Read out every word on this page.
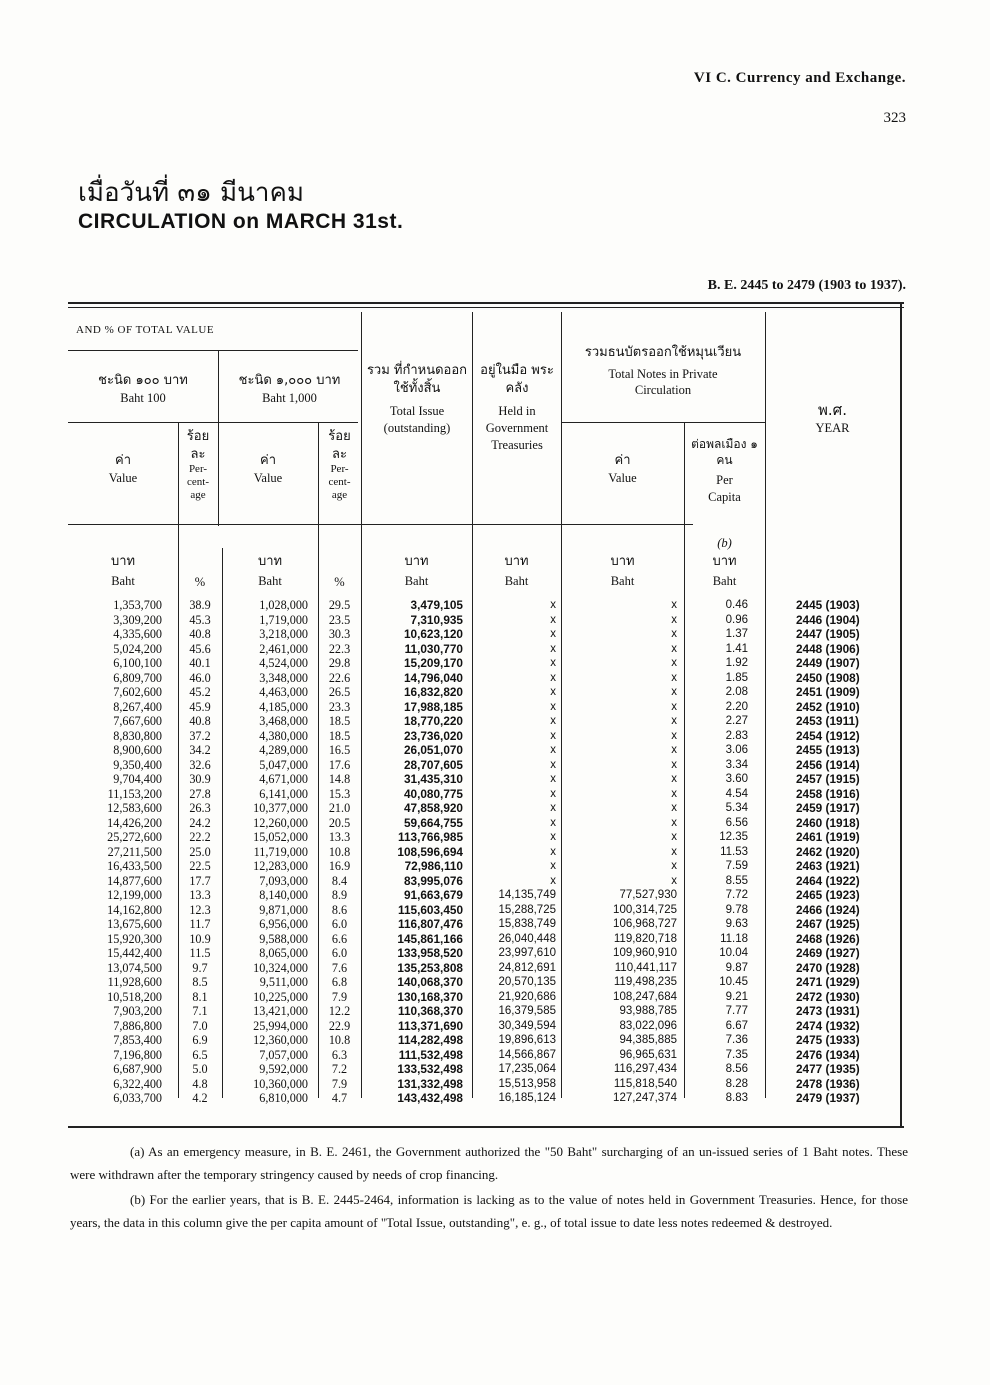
VI C. Currency and Exchange.
323
เมื่อวันที่ ๓๑ มีนาคม
CIRCULATION on MARCH 31st.
B. E. 2445 to 2479 (1903 to 1937).
AND % OF TOTAL VALUE
ชะนิด ๑๐๐ บาท
Baht 100
ชะนิด ๑,๐๐๐ บาท
Baht 1,000
ค่า
Value
ร้อย
ละ
Per-cent-age
ค่า
Value
ร้อย
ละ
Per-cent-age
รวม ที่กำหนดออก ใช้ทั้งสิ้น
Total Issue (outstanding)
อยู่ในมือ พระคลัง
Held in Government Treasuries
รวมธนบัตรออกใช้หมุนเวียน
Total Notes in Private Circulation
ค่า
Value
ต่อพลเมือง ๑ คน
Per Capita
พ.ศ.
YEAR
(b)
บาท
Baht	%
บาท
Baht	%
บาท
Baht
บาท
Baht
บาท
Baht
บาท
Baht
1,353,700
3,309,200
4,335,600
5,024,200
6,100,100
6,809,700
7,602,600
8,267,400
7,667,600
8,830,800
8,900,600
9,350,400
9,704,400
11,153,200
12,583,600
14,426,200
25,272,600
27,211,500
16,433,500
14,877,600
12,199,000
14,162,800
13,675,600
15,920,300
15,442,400
13,074,500
11,928,600
10,518,200
7,903,200
7,886,800
7,853,400
7,196,800
6,687,900
6,322,400
6,033,700
38.9
45.3
40.8
45.6
40.1
46.0
45.2
45.9
40.8
37.2
34.2
32.6
30.9
27.8
26.3
24.2
22.2
25.0
22.5
17.7
13.3
12.3
11.7
10.9
11.5
9.7
8.5
8.1
7.1
7.0
6.9
6.5
5.0
4.8
4.2
1,028,000
1,719,000
3,218,000
2,461,000
4,524,000
3,348,000
4,463,000
4,185,000
3,468,000
4,380,000
4,289,000
5,047,000
4,671,000
6,141,000
10,377,000
12,260,000
15,052,000
11,719,000
12,283,000
7,093,000
8,140,000
9,871,000
6,956,000
9,588,000
8,065,000
10,324,000
9,511,000
10,225,000
13,421,000
25,994,000
12,360,000
7,057,000
9,592,000
10,360,000
6,810,000
29.5
23.5
30.3
22.3
29.8
22.6
26.5
23.3
18.5
18.5
16.5
17.6
14.8
15.3
21.0
20.5
13.3
10.8
16.9
8.4
8.9
8.6
6.0
6.6
6.0
7.6
6.8
7.9
12.2
22.9
10.8
6.3
7.2
7.9
4.7
3,479,105
7,310,935
10,623,120
11,030,770
15,209,170
14,796,040
16,832,820
17,988,185
18,770,220
23,736,020
26,051,070
28,707,605
31,435,310
40,080,775
47,858,920
59,664,755
113,766,985
108,596,694
72,986,110
83,995,076
91,663,679
115,603,450
116,807,476
145,861,166
133,958,520
135,253,808
140,068,370
130,168,370
110,368,370
113,371,690
114,282,498
111,532,498
133,532,498
131,332,498
143,432,498
x
x
x
x
x
x
x
x
x
x
x
x
x
x
x
x
x
x
x
x
14,135,749
15,288,725
15,838,749
26,040,448
23,997,610
24,812,691
20,570,135
21,920,686
16,379,585
30,349,594
19,896,613
14,566,867
17,235,064
15,513,958
16,185,124
x
x
x
x
x
x
x
x
x
x
x
x
x
x
x
x
x
x
x
x
77,527,930
100,314,725
106,968,727
119,820,718
109,960,910
110,441,117
119,498,235
108,247,684
93,988,785
83,022,096
94,385,885
96,965,631
116,297,434
115,818,540
127,247,374
0.46
0.96
1.37
1.41
1.92
1.85
2.08
2.20
2.27
2.83
3.06
3.34
3.60
4.54
5.34
6.56
12.35
11.53
7.59
8.55
7.72
9.78
9.63
11.18
10.04
9.87
10.45
9.21
7.77
6.67
7.36
7.35
8.56
8.28
8.83
2445 (1903)
2446 (1904)
2447 (1905)
2448 (1906)
2449 (1907)
2450 (1908)
2451 (1909)
2452 (1910)
2453 (1911)
2454 (1912)
2455 (1913)
2456 (1914)
2457 (1915)
2458 (1916)
2459 (1917)
2460 (1918)
2461 (1919)
2462 (1920)
2463 (1921)
2464 (1922)
2465 (1923)
2466 (1924)
2467 (1925)
2468 (1926)
2469 (1927)
2470 (1928)
2471 (1929)
2472 (1930)
2473 (1931)
2474 (1932)
2475 (1933)
2476 (1934)
2477 (1935)
2478 (1936)
2479 (1937)
(a) As an emergency measure, in B. E. 2461, the Government authorized the "50 Baht" surcharging of an un-issued series of 1 Baht notes. These were withdrawn after the temporary stringency caused by needs of crop financing.
(b) For the earlier years, that is B. E. 2445-2464, information is lacking as to the value of notes held in Government Treasuries. Hence, for those years, the data in this column give the per capita amount of "Total Issue, outstanding", e. g., of total issue to date less notes redeemed & destroyed.
